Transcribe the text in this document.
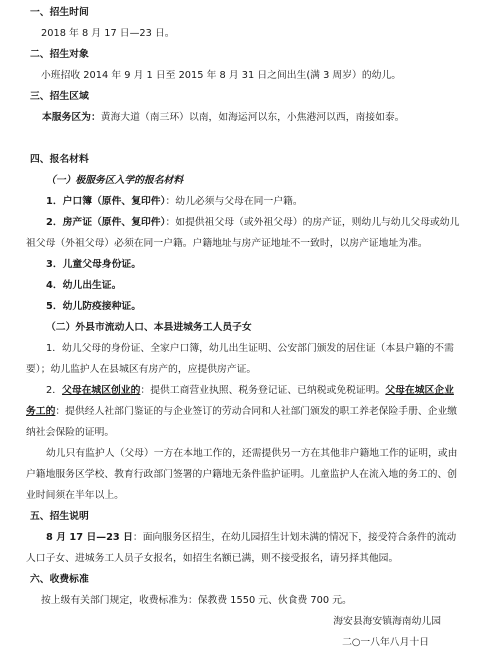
一、招生时间
2018 年 8 月 17 日—23 日。
二、招生对象
小班招收 2014 年 9 月 1 日至 2015 年 8 月 31 日之间出生(满 3 周岁）的幼儿。
三、招生区域
本服务区为：黄海大道（南三环）以南，如海运河以东，小焦港河以西，南接如泰。
四、报名材料
（一）极服务区入学的报名材料
1．户口簿（原件、复印件）：幼儿必须与父母在同一户籍。
2．房产证（原件、复印件）：如提供祖父母（或外祖父母）的房产证，则幼儿与幼儿父母或幼儿祖父母（外祖父母）必须在同一户籍。户籍地址与房产证地址不一致时，以房产证地址为准。
3．儿童父母身份证。
4．幼儿出生证。
5．幼儿防疫接种证。
（二）外县市流动人口、本县进城务工人员子女
1．幼儿父母的身份证、全家户口簿，幼儿出生证明、公安部门颁发的居住证（本县户籍的不需要）；幼儿监护人在县城区有房产的，应提供房产证。
2．父母在城区创业的：提供工商营业执照、税务登记证、已纳税或免税证明。父母在城区企业务工的：提供经人社部门鉴证的与企业签订的劳动合同和人社部门颁发的职工养老保险手册、企业缴纳社会保险的证明。
幼儿只有监护人（父母）一方在本地工作的，还需提供另一方在其他非户籍地工作的证明，或由户籍地服务区学校、教育行政部门签署的户籍地无条件监护证明。儿童监护人在流入地的务工的、创业时间须在半年以上。
五、招生说明
8 月 17 日—23 日：面向服务区招生，在幼儿园招生计划未满的情况下，接受符合条件的流动人口子女、进城务工人员子女报名，如招生名额已满，则不接受报名，请另择其他园。
六、收费标准
按上级有关部门规定，收费标准为：保教费 1550 元、伙食费 700 元。
海安县海安镇海南幼儿园
二○一八年八月十日
